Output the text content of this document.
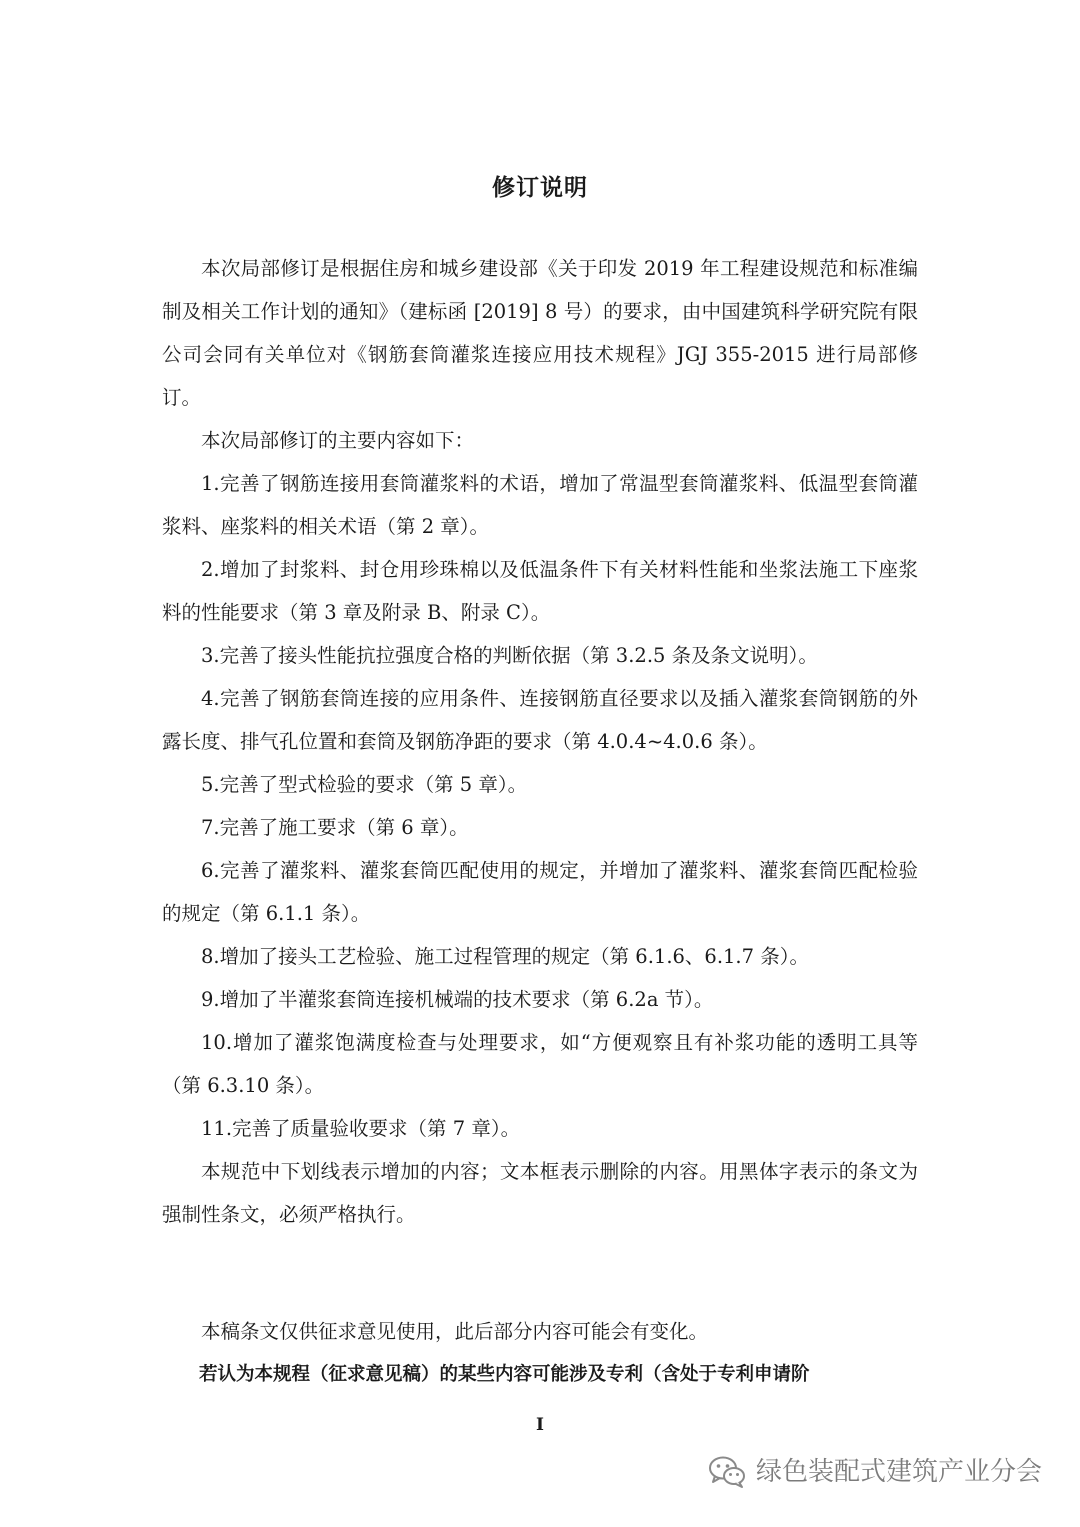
修订说明

本次局部修订是根据住房和城乡建设部《关于印发 2019 年工程建设规范和标准编制及相关工作计划的通知》（建标函 [2019] 8 号）的要求，由中国建筑科学研究院有限公司会同有关单位对《钢筋套筒灌浆连接应用技术规程》JGJ 355-2015 进行局部修订。

本次局部修订的主要内容如下：

1.完善了钢筋连接用套筒灌浆料的术语，增加了常温型套筒灌浆料、低温型套筒灌浆料、座浆料的相关术语（第 2 章）。

2.增加了封浆料、封仓用珍珠棉以及低温条件下有关材料性能和坐浆法施工下座浆料的性能要求（第 3 章及附录 B、附录 C）。

3.完善了接头性能抗拉强度合格的判断依据（第 3.2.5 条及条文说明）。

4.完善了钢筋套筒连接的应用条件、连接钢筋直径要求以及插入灌浆套筒钢筋的外露长度、排气孔位置和套筒及钢筋净距的要求（第 4.0.4~4.0.6 条）。

5.完善了型式检验的要求（第 5 章）。

7.完善了施工要求（第 6 章）。

6.完善了灌浆料、灌浆套筒匹配使用的规定，并增加了灌浆料、灌浆套筒匹配检验的规定（第 6.1.1 条）。

8.增加了接头工艺检验、施工过程管理的规定（第 6.1.6、6.1.7 条）。

9.增加了半灌浆套筒连接机械端的技术要求（第 6.2a 节）。

10.增加了灌浆饱满度检查与处理要求，如“方便观察且有补浆功能的透明工具等（第 6.3.10 条）。

11.完善了质量验收要求（第 7 章）。

本规范中下划线表示增加的内容；文本框表示删除的内容。用黑体字表示的条文为强制性条文，必须严格执行。

本稿条文仅供征求意见使用，此后部分内容可能会有变化。

若认为本规程（征求意见稿）的某些内容可能涉及专利（含处于专利申请阶

I
绿色装配式建筑产业分会
